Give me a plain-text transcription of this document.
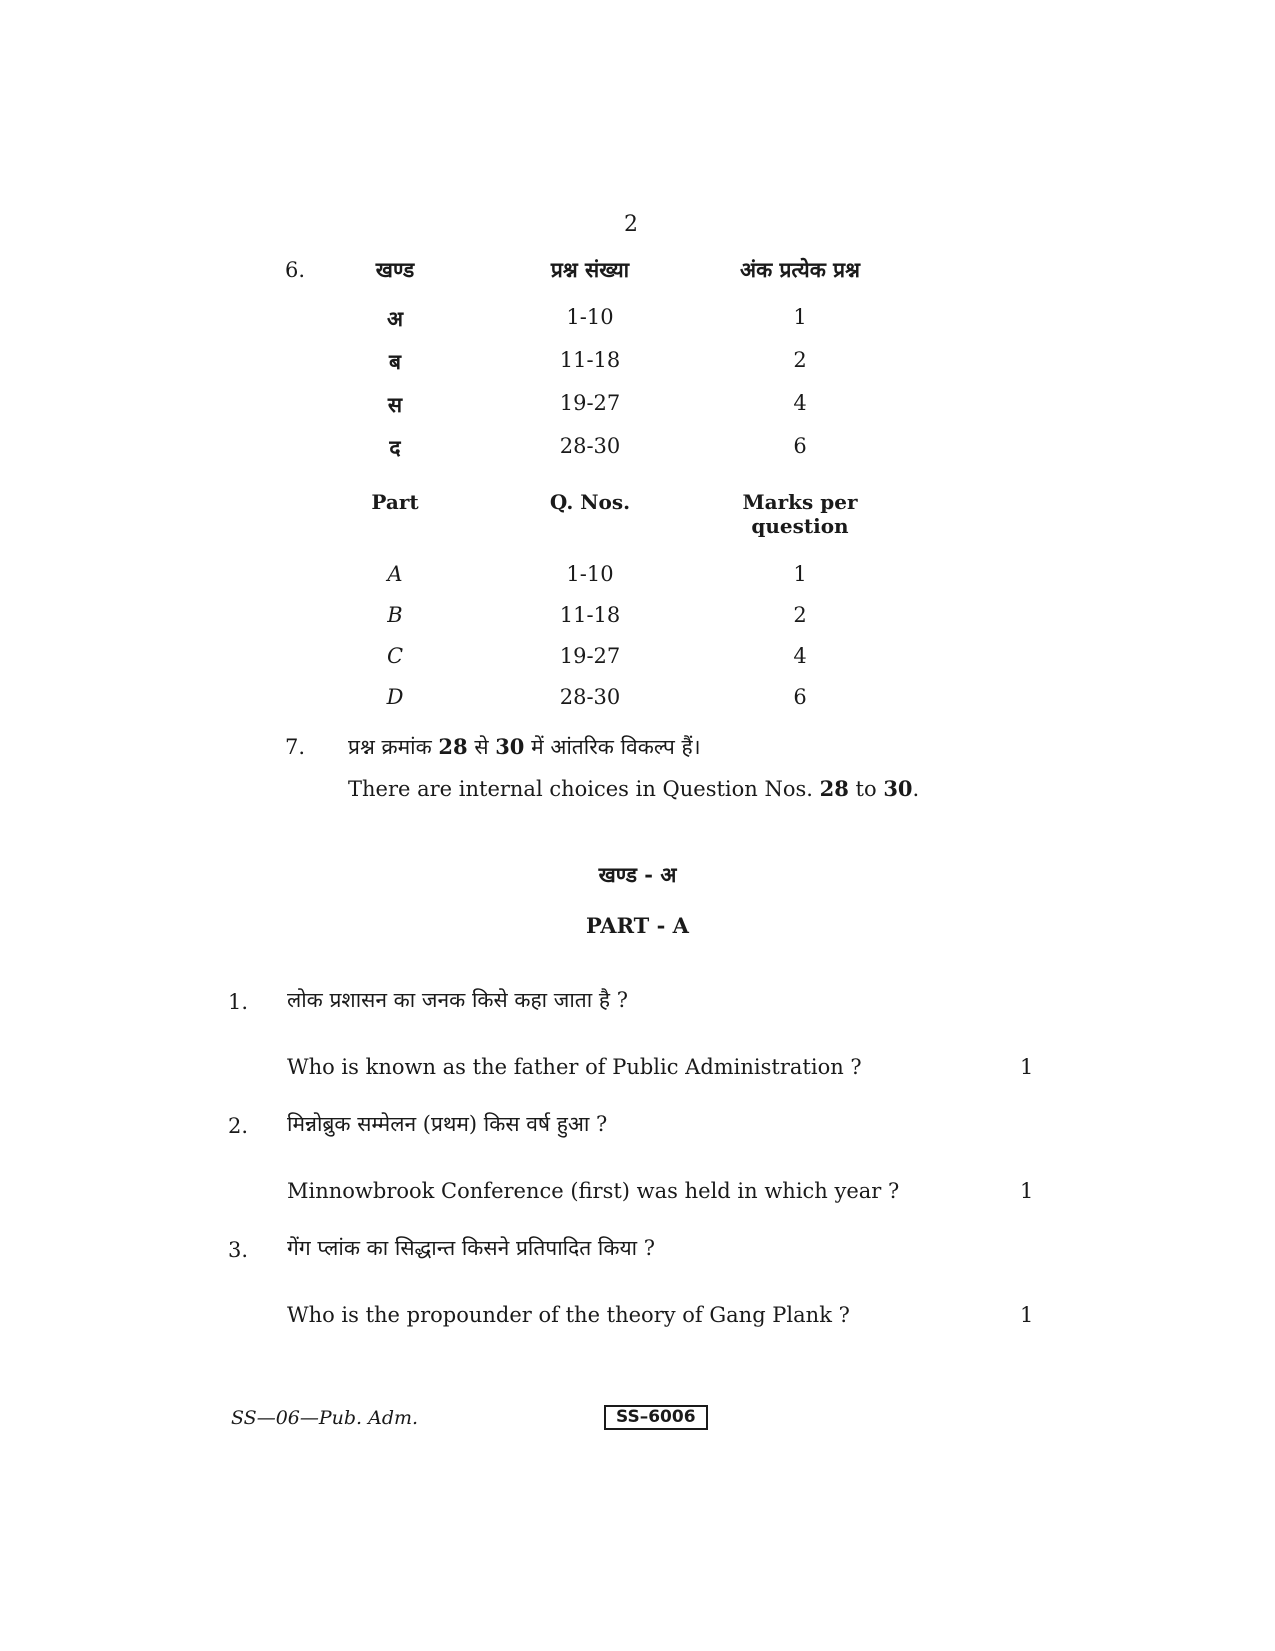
2
6.	खण्ड	प्रश्न संख्या	अंक प्रत्येक प्रश्न
अ	1-10	1
ब	11-18	2
स	19-27	4
द	28-30	6
Part	Q. Nos.	Marks per
question
A	1-10	1
B	11-18	2
C	19-27	4
D	28-30	6
7. प्रश्न क्रमांक 28 से 30 में आंतरिक विकल्प हैं।
There are internal choices in Question Nos. 28 to 30.
खण्ड - अ
PART - A
1. लोक प्रशासन का जनक किसे कहा जाता है ?
Who is known as the father of Public Administration ?	1
2. मिन्नोब्रुक सम्मेलन (प्रथम) किस वर्ष हुआ ?
Minnowbrook Conference (first) was held in which year ?	1
3. गेंग प्लांक का सिद्धान्त किसने प्रतिपादित किया ?
Who is the propounder of the theory of Gang Plank ?	1
SS—06—Pub. Adm.	SS–6006
